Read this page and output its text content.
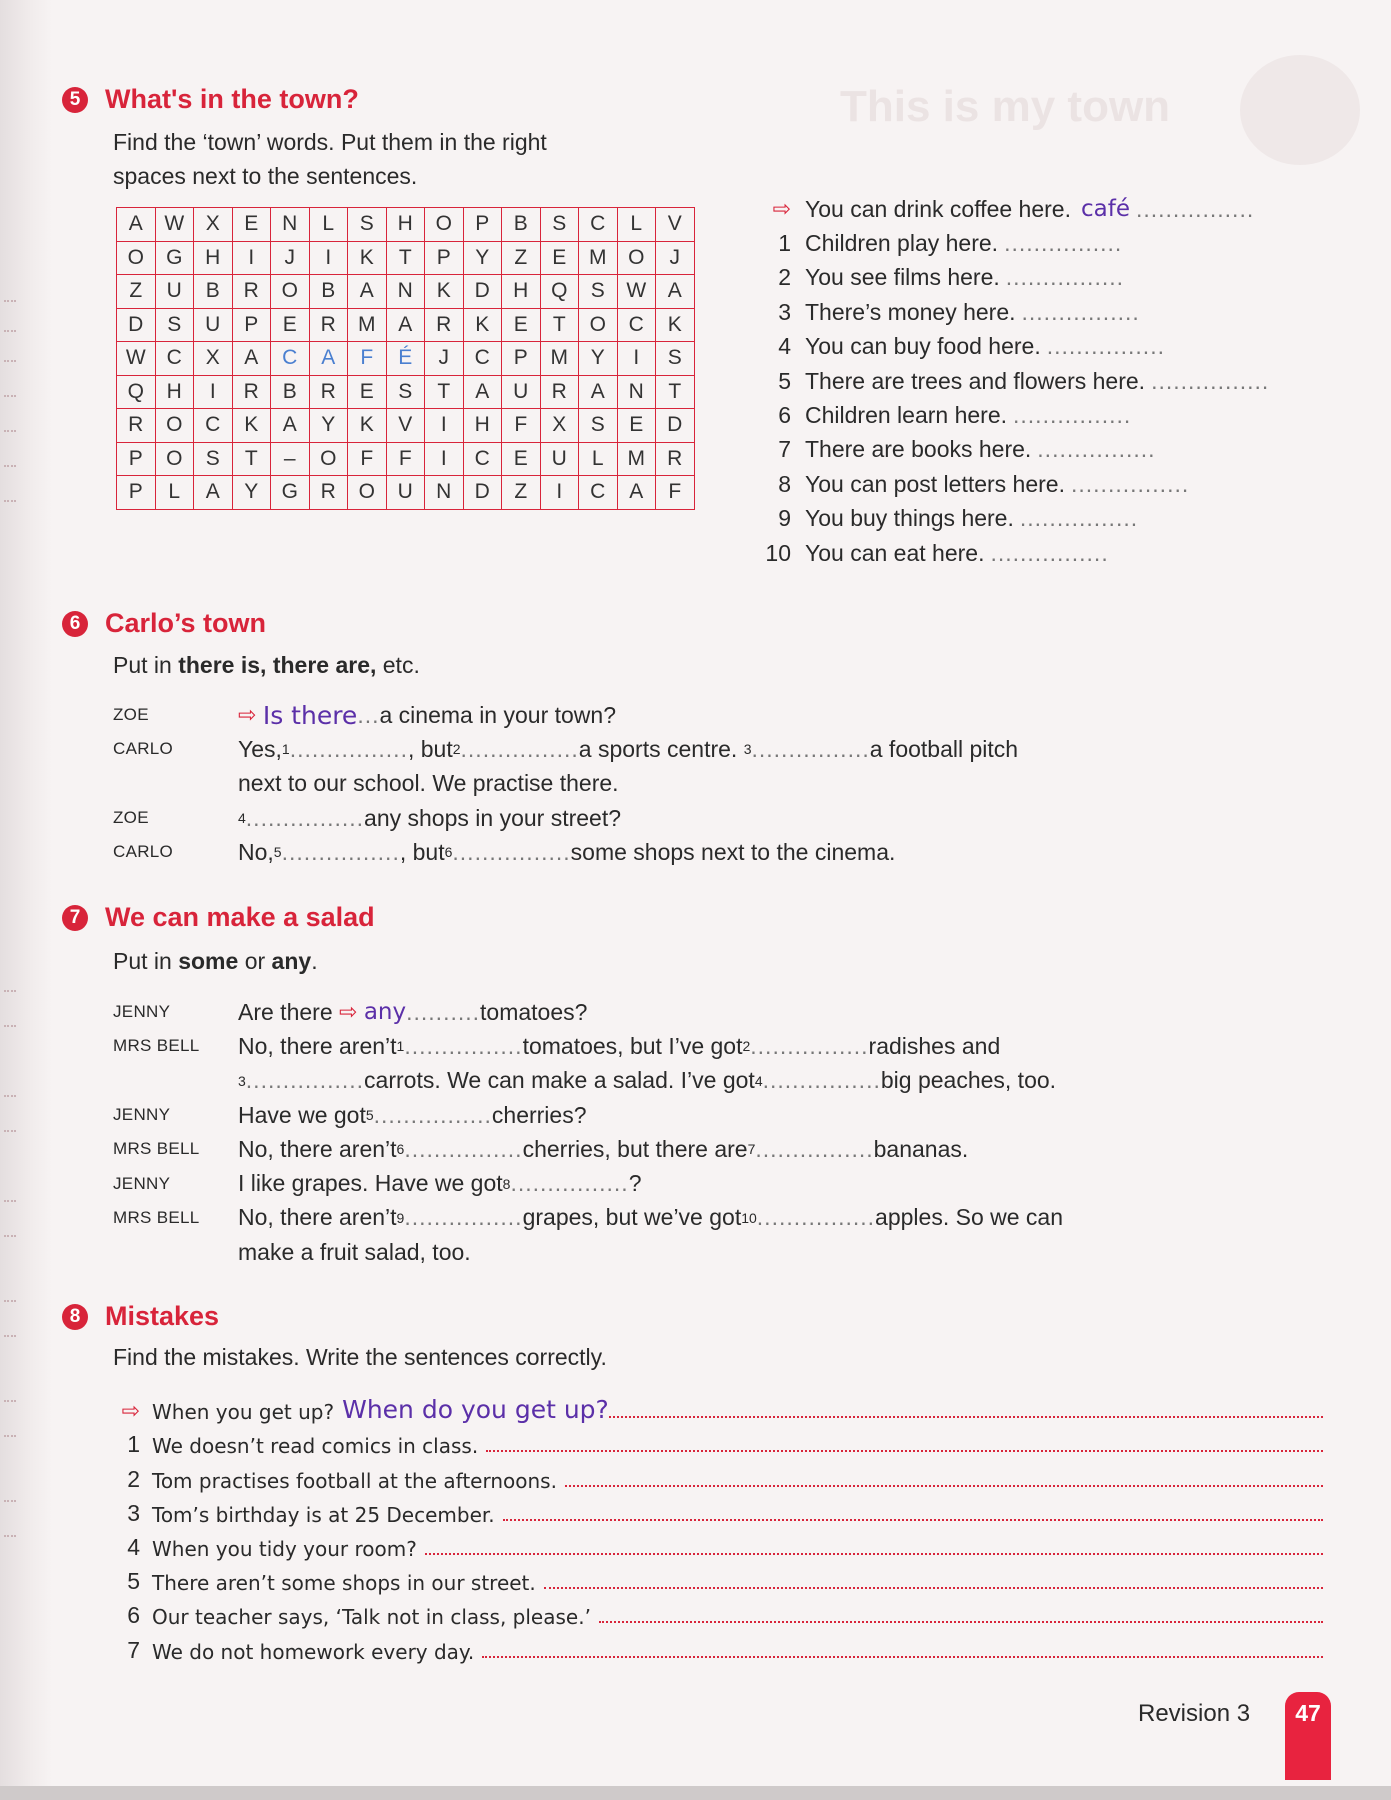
This is my town
5 What's in the town?
Find the ‘town’ words. Put them in the right
spaces next to the sentences.
A	W	X	E	N	L	S	H	O	P	B	S	C	L	V
O	G	H	I	J	I	K	T	P	Y	Z	E	M	O	J
Z	U	B	R	O	B	A	N	K	D	H	Q	S	W	A
D	S	U	P	E	R	M	A	R	K	E	T	O	C	K
W	C	X	A	C	A	F	É	J	C	P	M	Y	I	S
Q	H	I	R	B	R	E	S	T	A	U	R	A	N	T
R	O	C	K	A	Y	K	V	I	H	F	X	S	E	D
P	O	S	T	–	O	F	F	I	C	E	U	L	M	R
P	L	A	Y	G	R	O	U	N	D	Z	I	C	A	F
⇨ You can drink coffee here. café ................
1 Children play here. ................
2 You see films here. ................
3 There’s money here. ................
4 You can buy food here. ................
5 There are trees and flowers here. ................
6 Children learn here. ................
7 There are books here. ................
8 You can post letters here. ................
9 You buy things here. ................
10 You can eat here. ................
6 Carlo’s town
Put in there is, there are, etc.
ZOE	⇨
Is there ... a cinema in your town?
CARLO	Yes, 1 ................ , but 2 ................ a sports centre.
3 ................ a football pitch
next to our school. We practise there.
ZOE	4 ................ any shops in your street?
CARLO	No, 5 ................ , but 6 ................ some shops next to the cinema.
7 We can make a salad
Put in some or any.
JENNY	Are there
⇨
any .......... tomatoes?
MRS BELL	No, there aren’t 1 ................ tomatoes, but I’ve got 2 ................ radishes and
3 ................ carrots. We can make a salad. I’ve got 4 ................ big peaches, too.
JENNY	Have we got 5 ................ cherries?
MRS BELL	No, there aren’t 6 ................ cherries, but there are 7 ................ bananas.
JENNY	I like grapes. Have we got 8 ................ ?
MRS BELL	No, there aren’t 9 ................ grapes, but we’ve got 10 ................ apples. So we can
make a fruit salad, too.
8 Mistakes
Find the mistakes. Write the sentences correctly.
⇨ When you get up? When do you get up?
1 We doesn’t read comics in class.
2 Tom practises football at the afternoons.
3 Tom’s birthday is at 25 December.
4 When you tidy your room?
5 There aren’t some shops in our street.
6 Our teacher says, ‘Talk not in class, please.’
7 We do not homework every day.
Revision 3	47
